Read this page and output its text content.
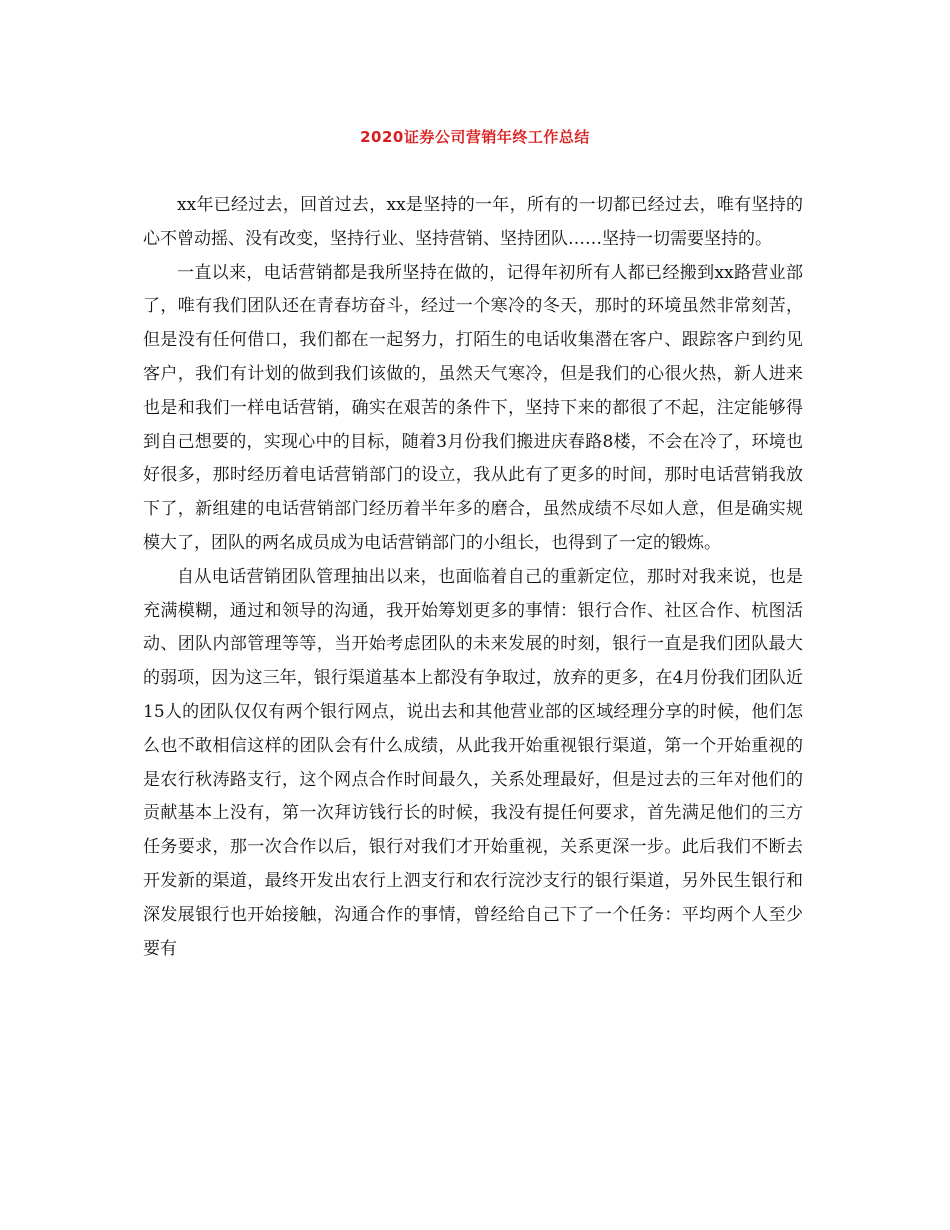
2020证券公司营销年终工作总结

xx年已经过去，回首过去，xx是坚持的一年，所有的一切都已经过去，唯有坚持的心不曾动摇、没有改变，坚持行业、坚持营销、坚持团队……坚持一切需要坚持的。

一直以来，电话营销都是我所坚持在做的，记得年初所有人都已经搬到xx路营业部了，唯有我们团队还在青春坊奋斗，经过一个寒冷的冬天，那时的环境虽然非常刻苦，但是没有任何借口，我们都在一起努力，打陌生的电话收集潜在客户、跟踪客户到约见客户，我们有计划的做到我们该做的，虽然天气寒冷，但是我们的心很火热，新人进来也是和我们一样电话营销，确实在艰苦的条件下，坚持下来的都很了不起，注定能够得到自己想要的，实现心中的目标，随着3月份我们搬进庆春路8楼，不会在冷了，环境也好很多，那时经历着电话营销部门的设立，我从此有了更多的时间，那时电话营销我放下了，新组建的电话营销部门经历着半年多的磨合，虽然成绩不尽如人意，但是确实规模大了，团队的两名成员成为电话营销部门的小组长，也得到了一定的锻炼。

自从电话营销团队管理抽出以来，也面临着自己的重新定位，那时对我来说，也是充满模糊，通过和领导的沟通，我开始筹划更多的事情：银行合作、社区合作、杭图活动、团队内部管理等等，当开始考虑团队的未来发展的时刻，银行一直是我们团队最大的弱项，因为这三年，银行渠道基本上都没有争取过，放弃的更多，在4月份我们团队近15人的团队仅仅有两个银行网点，说出去和其他营业部的区域经理分享的时候，他们怎么也不敢相信这样的团队会有什么成绩，从此我开始重视银行渠道，第一个开始重视的是农行秋涛路支行，这个网点合作时间最久，关系处理最好，但是过去的三年对他们的贡献基本上没有，第一次拜访钱行长的时候，我没有提任何要求，首先满足他们的三方任务要求，那一次合作以后，银行对我们才开始重视，关系更深一步。此后我们不断去开发新的渠道，最终开发出农行上泗支行和农行浣沙支行的银行渠道，另外民生银行和深发展银行也开始接触，沟通合作的事情，曾经给自己下了一个任务：平均两个人至少要有
